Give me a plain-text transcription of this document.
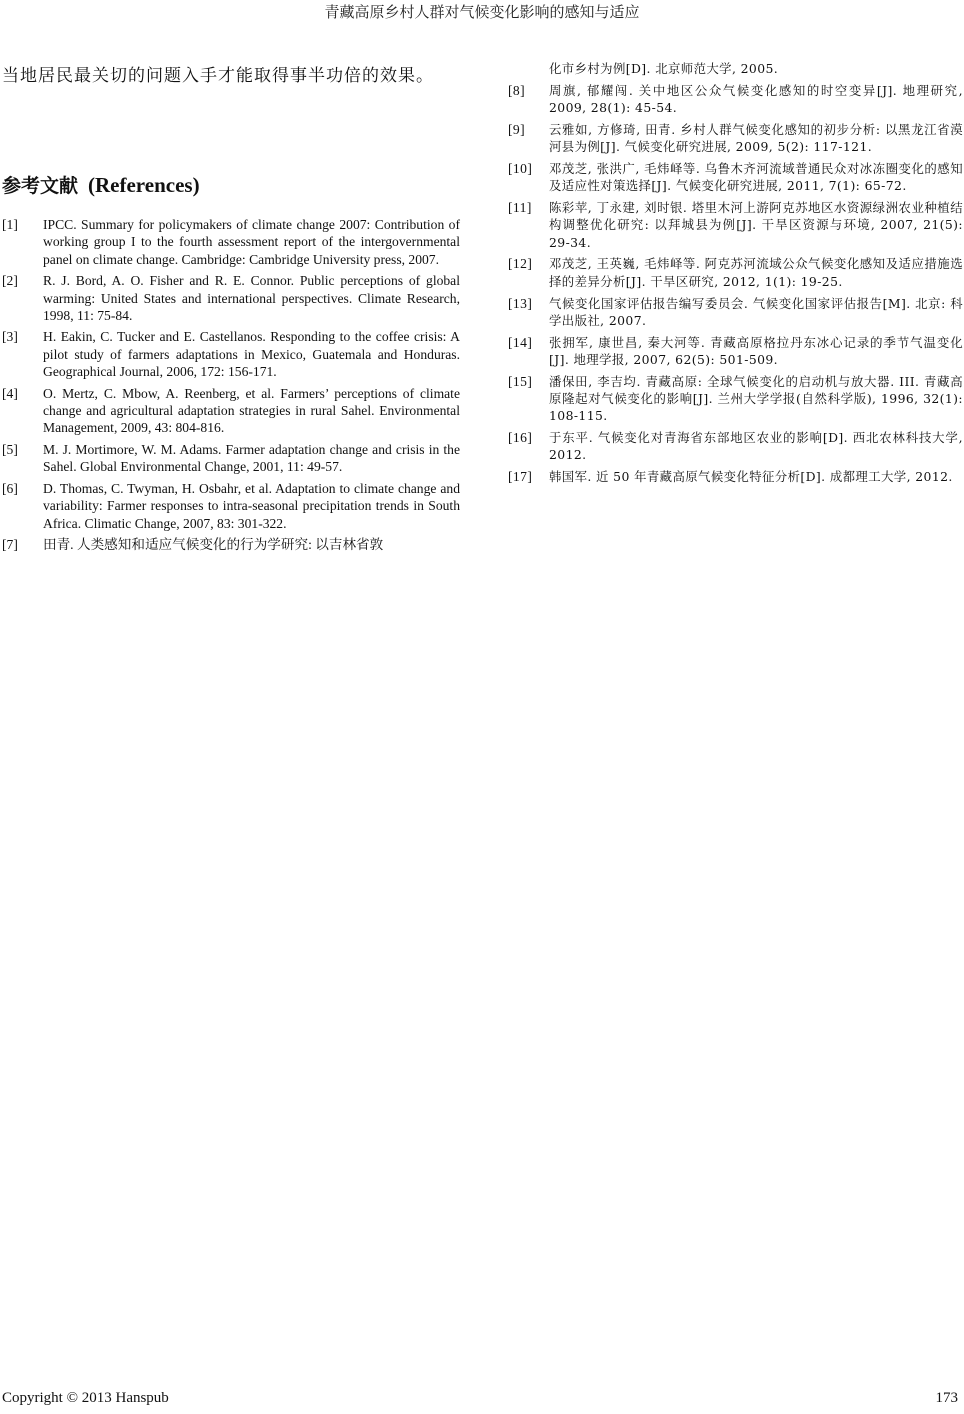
青藏高原乡村人群对气候变化影响的感知与适应
当地居民最关切的问题入手才能取得事半功倍的效果。
参考文献 (References)
[1] IPCC. Summary for policymakers of climate change 2007: Contribution of working group I to the fourth assessment report of the intergovernmental panel on climate change. Cambridge: Cambridge University press, 2007.
[2] R. J. Bord, A. O. Fisher and R. E. Connor. Public perceptions of global warming: United States and international perspectives. Climate Research, 1998, 11: 75-84.
[3] H. Eakin, C. Tucker and E. Castellanos. Responding to the coffee crisis: A pilot study of farmers adaptations in Mexico, Guatemala and Honduras. Geographical Journal, 2006, 172: 156-171.
[4] O. Mertz, C. Mbow, A. Reenberg, et al. Farmers’ perceptions of climate change and agricultural adaptation strategies in rural Sahel. Environmental Management, 2009, 43: 804-816.
[5] M. J. Mortimore, W. M. Adams. Farmer adaptation change and crisis in the Sahel. Global Environmental Change, 2001, 11: 49-57.
[6] D. Thomas, C. Twyman, H. Osbahr, et al. Adaptation to climate change and variability: Farmer responses to intra-seasonal precipitation trends in South Africa. Climatic Change, 2007, 83: 301-322.
[7] 田青. 人类感知和适应气候变化的行为学研究: 以吉林省敦
化市乡村为例[D]. 北京师范大学, 2005.
[8] 周旗, 郁耀闯. 关中地区公众气候变化感知的时空变异[J]. 地理研究, 2009, 28(1): 45-54.
[9] 云雅如, 方修琦, 田青. 乡村人群气候变化感知的初步分析: 以黑龙江省漠河县为例[J]. 气候变化研究进展, 2009, 5(2): 117-121.
[10] 邓茂芝, 张洪广, 毛炜峄等. 乌鲁木齐河流域普通民众对冰冻圈变化的感知及适应性对策选择[J]. 气候变化研究进展, 2011, 7(1): 65-72.
[11] 陈彩苹, 丁永建, 刘时银. 塔里木河上游阿克苏地区水资源绿洲农业种植结构调整优化研究: 以拜城县为例[J]. 干旱区资源与环境, 2007, 21(5): 29-34.
[12] 邓茂芝, 王英巍, 毛炜峄等. 阿克苏河流域公众气候变化感知及适应措施选择的差异分析[J]. 干旱区研究, 2012, 1(1): 19-25.
[13] 气候变化国家评估报告编写委员会. 气候变化国家评估报告[M]. 北京: 科学出版社, 2007.
[14] 张拥军, 康世昌, 秦大河等. 青藏高原格拉丹东冰心记录的季节气温变化[J]. 地理学报, 2007, 62(5): 501-509.
[15] 潘保田, 李吉均. 青藏高原: 全球气候变化的启动机与放大器. III. 青藏高原隆起对气候变化的影响[J]. 兰州大学学报(自然科学版), 1996, 32(1): 108-115.
[16] 于东平. 气候变化对青海省东部地区农业的影响[D]. 西北农林科技大学, 2012.
[17] 韩国军. 近 50 年青藏高原气候变化特征分析[D]. 成都理工大学, 2012.
Copyright © 2013 Hanspub	173
